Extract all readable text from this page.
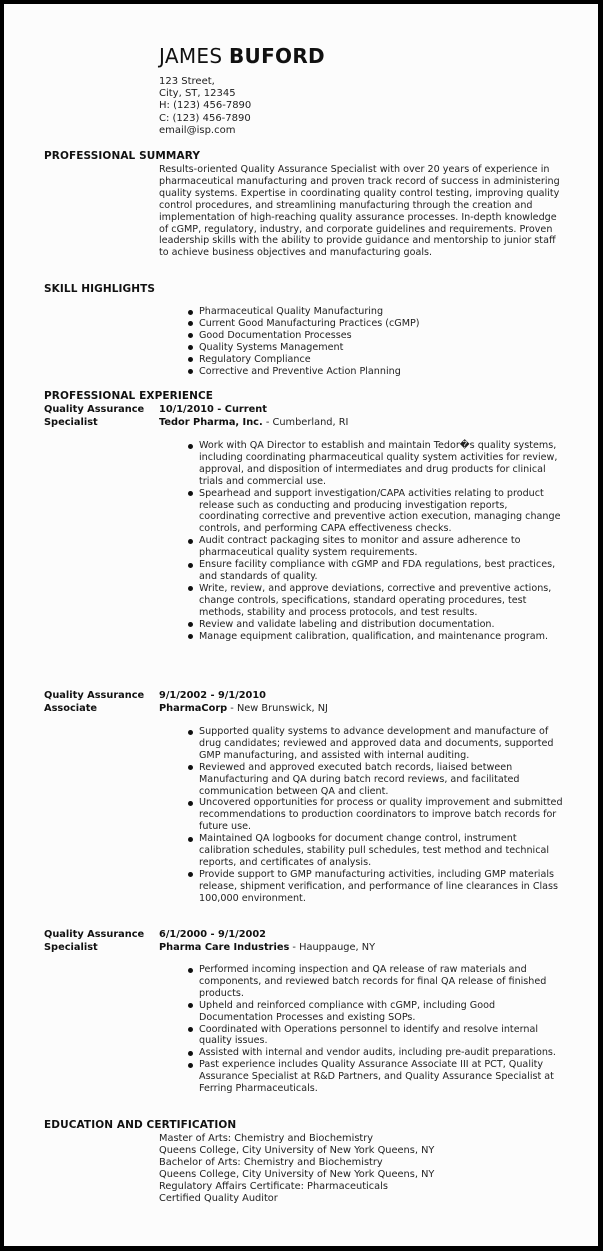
JAMES BUFORD
123 Street,
City, ST, 12345
H: (123) 456-7890
C: (123) 456-7890
email@isp.com
PROFESSIONAL SUMMARY
Results-oriented Quality Assurance Specialist with over 20 years of experience in pharmaceutical manufacturing and proven track record of success in administering quality systems. Expertise in coordinating quality control testing, improving quality control procedures, and streamlining manufacturing through the creation and implementation of high-reaching quality assurance processes. In-depth knowledge of cGMP, regulatory, industry, and corporate guidelines and requirements. Proven leadership skills with the ability to provide guidance and mentorship to junior staff to achieve business objectives and manufacturing goals.
SKILL HIGHLIGHTS
Pharmaceutical Quality Manufacturing
Current Good Manufacturing Practices (cGMP)
Good Documentation Processes
Quality Systems Management
Regulatory Compliance
Corrective and Preventive Action Planning
PROFESSIONAL EXPERIENCE
Quality Assurance Specialist
10/1/2010 - Current
Tedor Pharma, Inc. - Cumberland, RI
Work with QA Director to establish and maintain Tedor�s quality systems, including coordinating pharmaceutical quality system activities for review, approval, and disposition of intermediates and drug products for clinical trials and commercial use.
Spearhead and support investigation/CAPA activities relating to product release such as conducting and producing investigation reports, coordinating corrective and preventive action execution, managing change controls, and performing CAPA effectiveness checks.
Audit contract packaging sites to monitor and assure adherence to pharmaceutical quality system requirements.
Ensure facility compliance with cGMP and FDA regulations, best practices, and standards of quality.
Write, review, and approve deviations, corrective and preventive actions, change controls, specifications, standard operating procedures, test methods, stability and process protocols, and test results.
Review and validate labeling and distribution documentation.
Manage equipment calibration, qualification, and maintenance program.
Quality Assurance Associate
9/1/2002 - 9/1/2010
PharmaCorp - New Brunswick, NJ
Supported quality systems to advance development and manufacture of drug candidates; reviewed and approved data and documents, supported GMP manufacturing, and assisted with internal auditing.
Reviewed and approved executed batch records, liaised between Manufacturing and QA during batch record reviews, and facilitated communication between QA and client.
Uncovered opportunities for process or quality improvement and submitted recommendations to production coordinators to improve batch records for future use.
Maintained QA logbooks for document change control, instrument calibration schedules, stability pull schedules, test method and technical reports, and certificates of analysis.
Provide support to GMP manufacturing activities, including GMP materials release, shipment verification, and performance of line clearances in Class 100,000 environment.
Quality Assurance Specialist
6/1/2000 - 9/1/2002
Pharma Care Industries - Hauppauge, NY
Performed incoming inspection and QA release of raw materials and components, and reviewed batch records for final QA release of finished products.
Upheld and reinforced compliance with cGMP, including Good Documentation Processes and existing SOPs.
Coordinated with Operations personnel to identify and resolve internal quality issues.
Assisted with internal and vendor audits, including pre-audit preparations.
Past experience includes Quality Assurance Associate III at PCT, Quality Assurance Specialist at R&D Partners, and Quality Assurance Specialist at Ferring Pharmaceuticals.
EDUCATION AND CERTIFICATION
Master of Arts: Chemistry and Biochemistry
Queens College, City University of New York Queens, NY
Bachelor of Arts: Chemistry and Biochemistry
Queens College, City University of New York Queens, NY
Regulatory Affairs Certificate: Pharmaceuticals
Certified Quality Auditor
